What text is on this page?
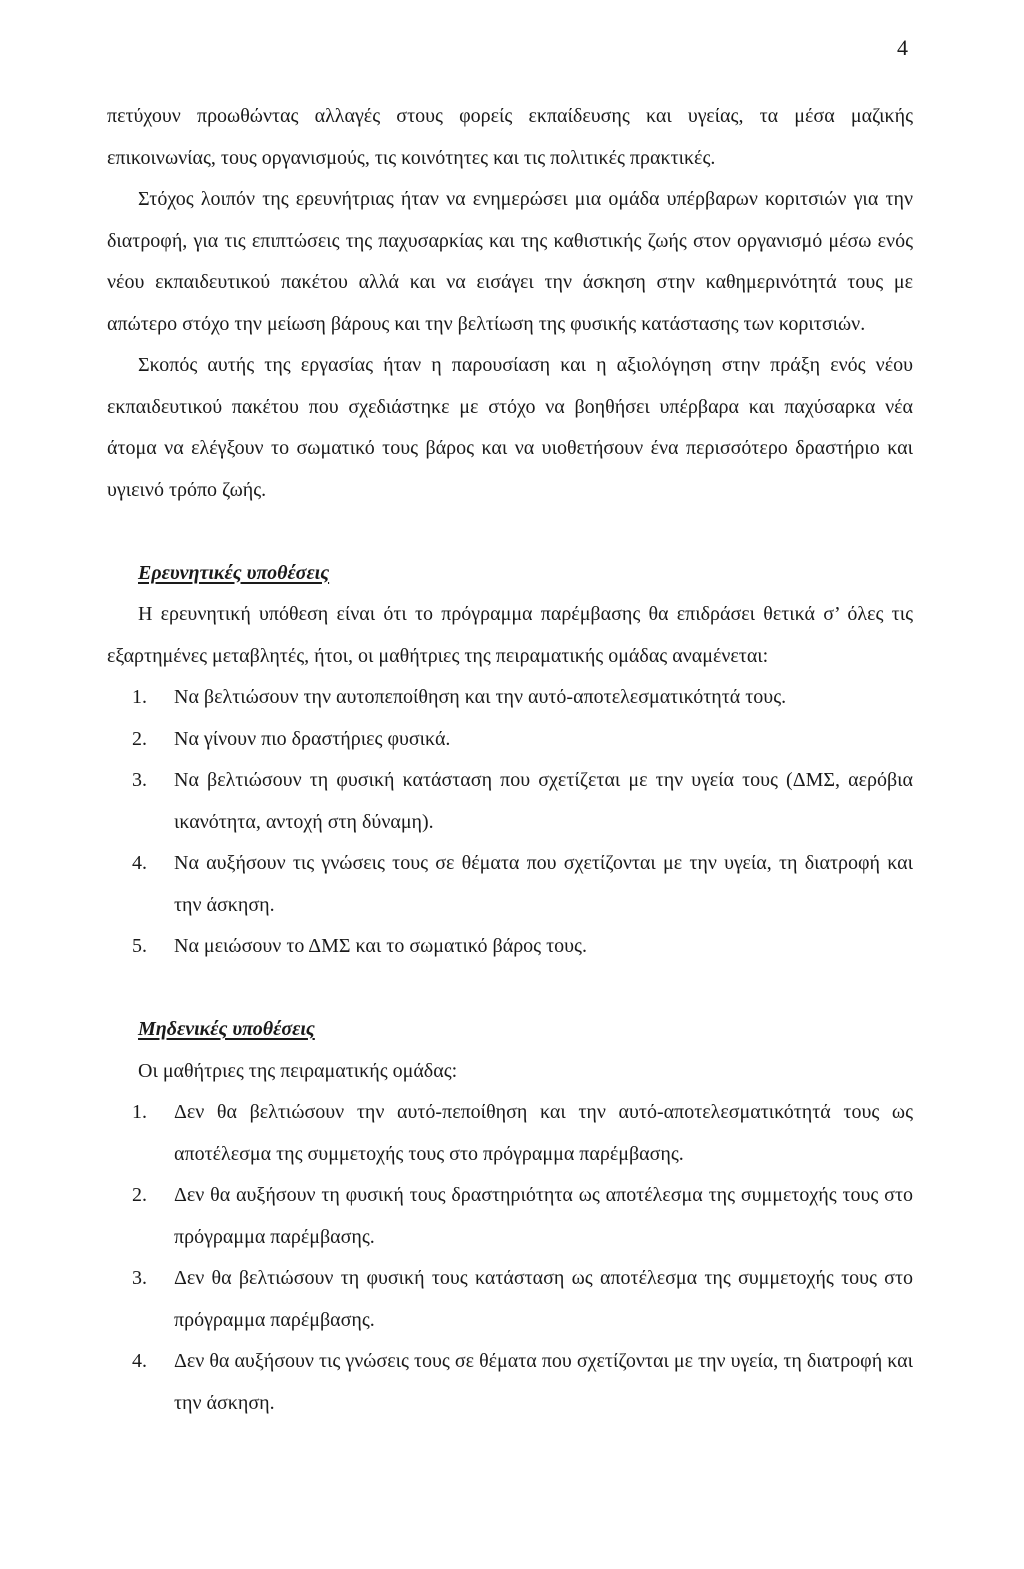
4

πετύχουν προωθώντας αλλαγές στους φορείς εκπαίδευσης και υγείας, τα μέσα μαζικής επικοινωνίας, τους οργανισμούς, τις κοινότητες και τις πολιτικές πρακτικές.

Στόχος λοιπόν της ερευνήτριας ήταν να ενημερώσει μια ομάδα υπέρβαρων κοριτσιών για την διατροφή, για τις επιπτώσεις της παχυσαρκίας και της καθιστικής ζωής στον οργανισμό μέσω ενός νέου εκπαιδευτικού πακέτου αλλά και να εισάγει την άσκηση στην καθημερινότητά τους με απώτερο στόχο την μείωση βάρους και την βελτίωση της φυσικής κατάστασης των κοριτσιών.

Σκοπός αυτής της εργασίας ήταν η παρουσίαση και η αξιολόγηση στην πράξη ενός νέου εκπαιδευτικού πακέτου που σχεδιάστηκε με στόχο να βοηθήσει υπέρβαρα και παχύσαρκα νέα άτομα να ελέγξουν το σωματικό τους βάρος και να υιοθετήσουν ένα περισσότερο δραστήριο και υγιεινό τρόπο ζωής.

Ερευνητικές υποθέσεις

Η ερευνητική υπόθεση είναι ότι το πρόγραμμα παρέμβασης θα επιδράσει θετικά σ’ όλες τις εξαρτημένες μεταβλητές, ήτοι, οι μαθήτριες της πειραματικής ομάδας αναμένεται:

1. Να βελτιώσουν την αυτοπεποίθηση και την αυτό-αποτελεσματικότητά τους.
2. Να γίνουν πιο δραστήριες φυσικά.
3. Να βελτιώσουν τη φυσική κατάσταση που σχετίζεται με την υγεία τους (ΔΜΣ, αερόβια ικανότητα, αντοχή στη δύναμη).
4. Να αυξήσουν τις γνώσεις τους σε θέματα που σχετίζονται με την υγεία, τη διατροφή και την άσκηση.
5. Να μειώσουν το ΔΜΣ και το σωματικό βάρος τους.

Μηδενικές υποθέσεις

Οι μαθήτριες της πειραματικής ομάδας:

1. Δεν θα βελτιώσουν την αυτό-πεποίθηση και την αυτό-αποτελεσματικότητά τους ως αποτέλεσμα της συμμετοχής τους στο πρόγραμμα παρέμβασης.
2. Δεν θα αυξήσουν τη φυσική τους δραστηριότητα ως αποτέλεσμα της συμμετοχής τους στο πρόγραμμα παρέμβασης.
3. Δεν θα βελτιώσουν τη φυσική τους κατάσταση ως αποτέλεσμα της συμμετοχής τους στο πρόγραμμα παρέμβασης.
4. Δεν θα αυξήσουν τις γνώσεις τους σε θέματα που σχετίζονται με την υγεία, τη διατροφή και την άσκηση.
